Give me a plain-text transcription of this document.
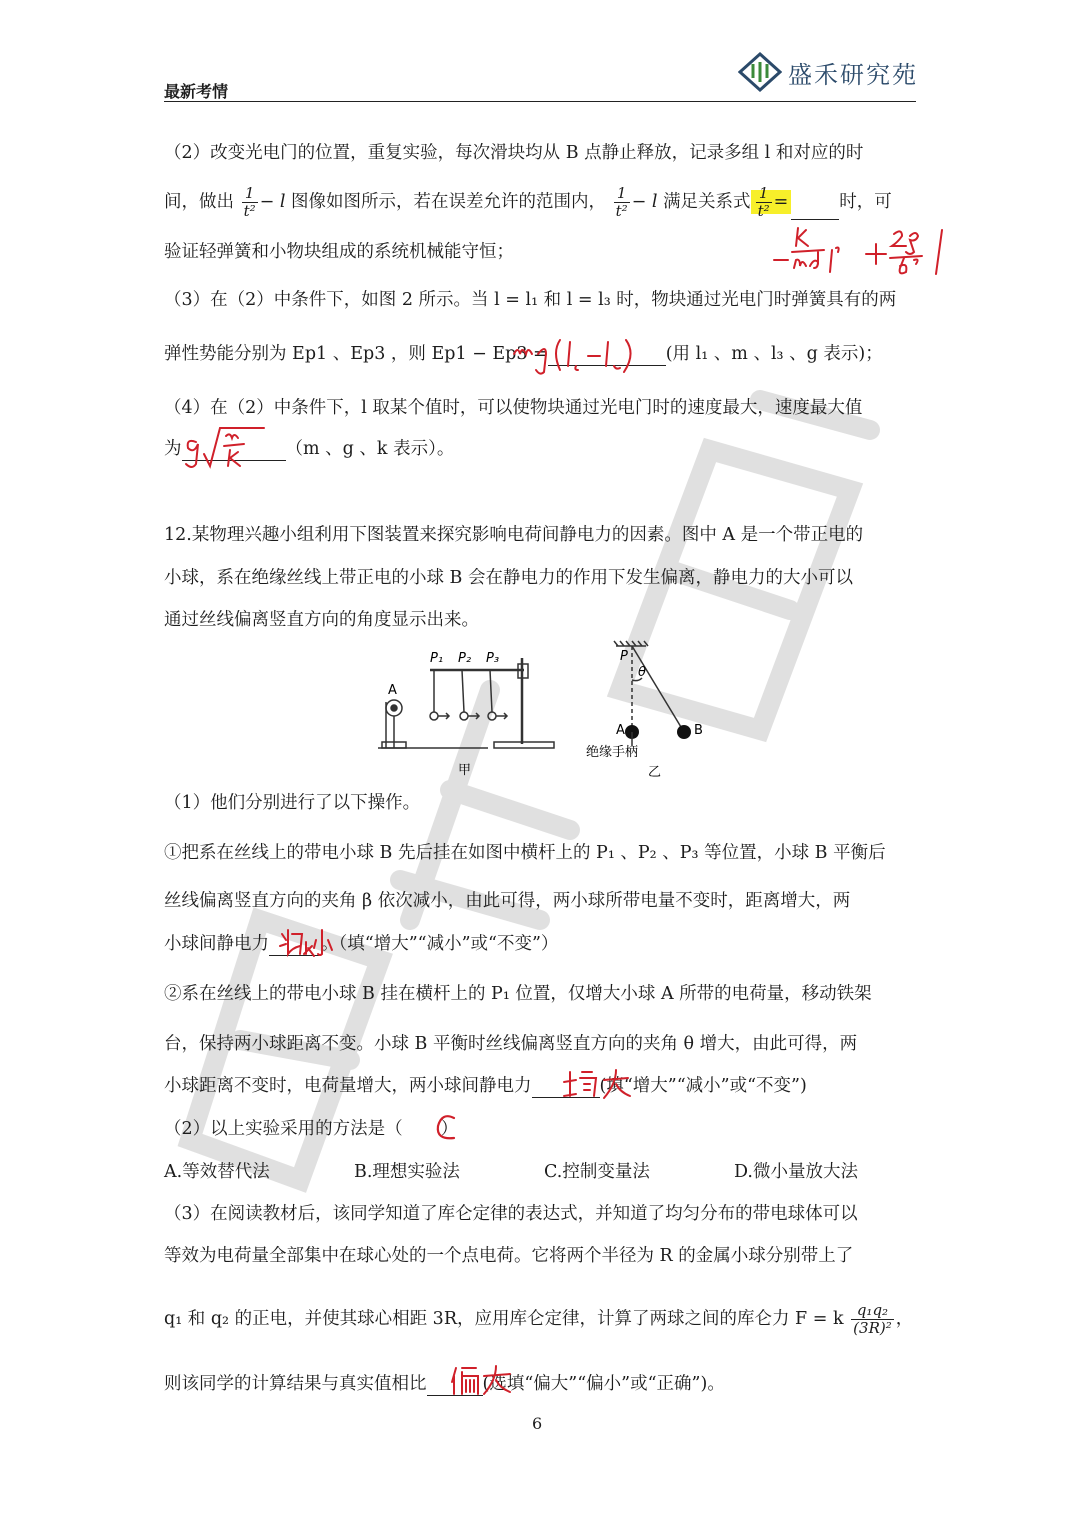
最新考情
盛禾研究苑
（2）改变光电门的位置，重复实验，每次滑块均从 B 点静止释放，记录多组 l 和对应的时
间，做出 $\frac{1}{\text{t²}} - l$ 图像如图所示，若在误差允许的范围内， $\frac{1}{\text{t²}} - l$ 满足关系式 $\frac{1}{\text{t²}}$ =	时，可
验证轻弹簧和小物块组成的系统机械能守恒；
（3）在（2）中条件下，如图 2 所示。当 l = l₁ 和 l = l₃ 时，物块通过光电门时弹簧具有的两
弹性势能分别为 Ep1 、Ep3 ，则 Ep1 − Ep3 =	(用 l₁ 、m 、l₃ 、g 表示)；
（4）在（2）中条件下，l 取某个值时，可以使物块通过光电门时的速度最大，速度最大值
为	（m 、g 、k 表示）。
12.某物理兴趣小组利用下图装置来探究影响电荷间静电力的因素。图中 A 是一个带正电的
小球，系在绝缘丝线上带正电的小球 B 会在静电力的作用下发生偏离，静电力的大小可以
通过丝线偏离竖直方向的角度显示出来。
A
P₁ P₂ P₃
甲
P
θ
A	B
绝缘手柄
乙
（1）他们分别进行了以下操作。
①把系在丝线上的带电小球 B 先后挂在如图中横杆上的 P₁ 、P₂ 、P₃ 等位置，小球 B 平衡后
丝线偏离竖直方向的夹角 β 依次减小，由此可得，两小球所带电量不变时，距离增大，两
小球间静电力	。（填“增大”“减小”或“不变”）
②系在丝线上的带电小球 B 挂在横杆上的 P₁ 位置，仅增大小球 A 所带的电荷量，移动铁架
台，保持两小球距离不变。小球 B 平衡时丝线偏离竖直方向的夹角 θ 增大，由此可得，两
小球距离不变时，电荷量增大，两小球间静电力	(填“增大”“减小”或“不变”)
（2）以上实验采用的方法是（ ）
A.等效替代法	B.理想实验法	C.控制变量法	D.微小量放大法
（3）在阅读教材后，该同学知道了库仑定律的表达式，并知道了均匀分布的带电球体可以
等效为电荷量全部集中在球心处的一个点电荷。它将两个半径为 R 的金属小球分别带上了
q₁ 和 q₂ 的正电，并使其球心相距 3R，应用库仑定律，计算了两球之间的库仑力 F = k $\frac{\text{q₁q₂}}{\text{(3R)²}}$ ，
则该同学的计算结果与真实值相比	(选填“偏大”“偏小”或“正确”)。
6
